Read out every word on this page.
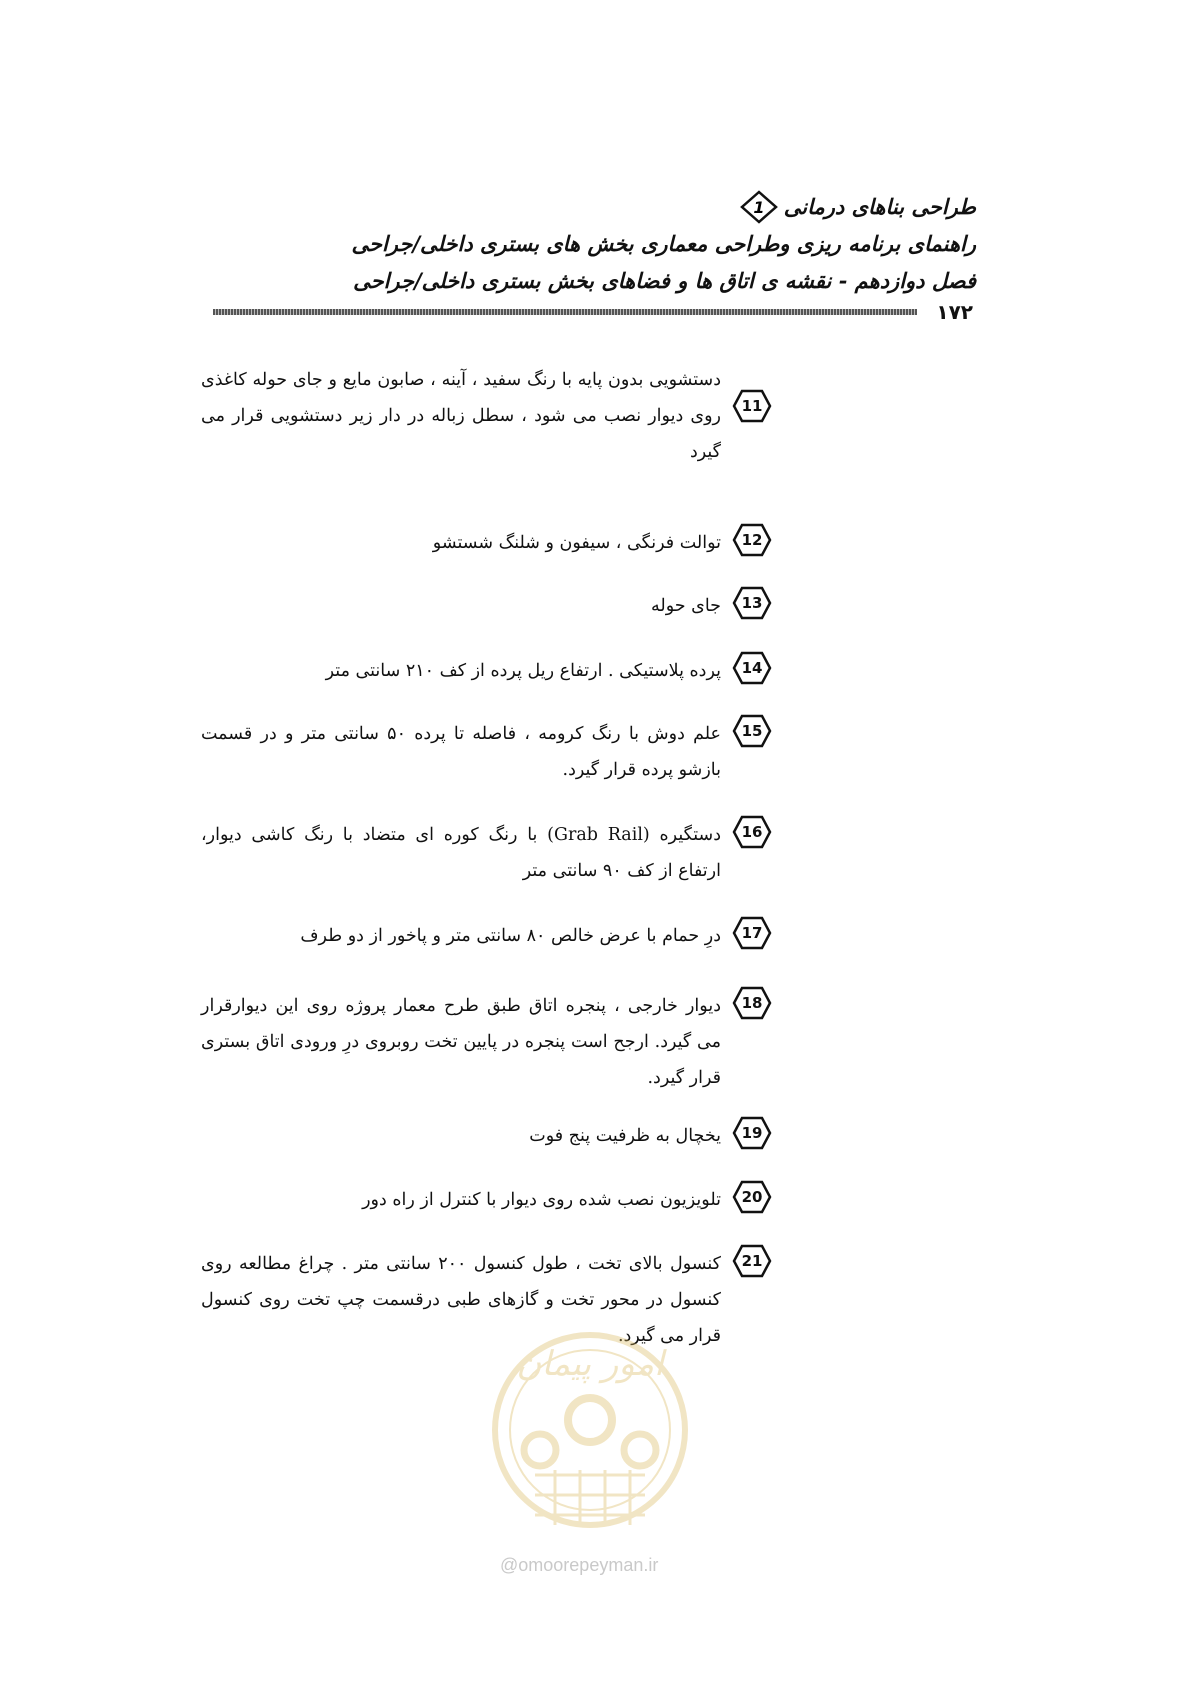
طراحی بناهای درمانی
1
راهنمای برنامه ریزی وطراحی معماری بخش های بستری داخلی/جراحی
فصل دوازدهم - نقشه ی اتاق ها و فضاهای بخش بستری داخلی/جراحی
۱۷۲
دستشویی بدون پایه با رنگ سفید ، آینه ، صابون مایع و جای حوله کاغذی روی دیوار نصب می شود ، سطل زباله در دار زیر دستشویی قرار می گیرد
11
توالت فرنگی ، سیفون و شلنگ شستشو	12
جای حوله	13
پرده پلاستیکی . ارتفاع ریل پرده از کف ۲۱۰ سانتی متر	14
علم دوش با رنگ کرومه ، فاصله تا پرده ۵۰ سانتی متر و در قسمت بازشو پرده قرار گیرد.
15
دستگیره (Grab Rail) با رنگ کوره ای متضاد با رنگ کاشی دیوار، ارتفاع از کف ۹۰ سانتی متر
16
درِ حمام با عرض خالص ۸۰ سانتی متر و پاخور از دو طرف	17
دیوار خارجی ، پنجره اتاق طبق طرح معمار پروژه روی این دیوارقرار می گیرد. ارجح است پنجره در پایین تخت روبروی درِ ورودی اتاق بستری قرار گیرد.
18
یخچال به ظرفیت پنج فوت	19
تلویزیون نصب شده روی دیوار با کنترل از راه دور	20
کنسول بالای تخت ، طول کنسول ۲۰۰ سانتی متر . چراغ مطالعه روی کنسول در محور تخت و گازهای طبی درقسمت چپ تخت روی کنسول قرار می گیرد.
21
امور پیمان
@omoorepeyman.ir
